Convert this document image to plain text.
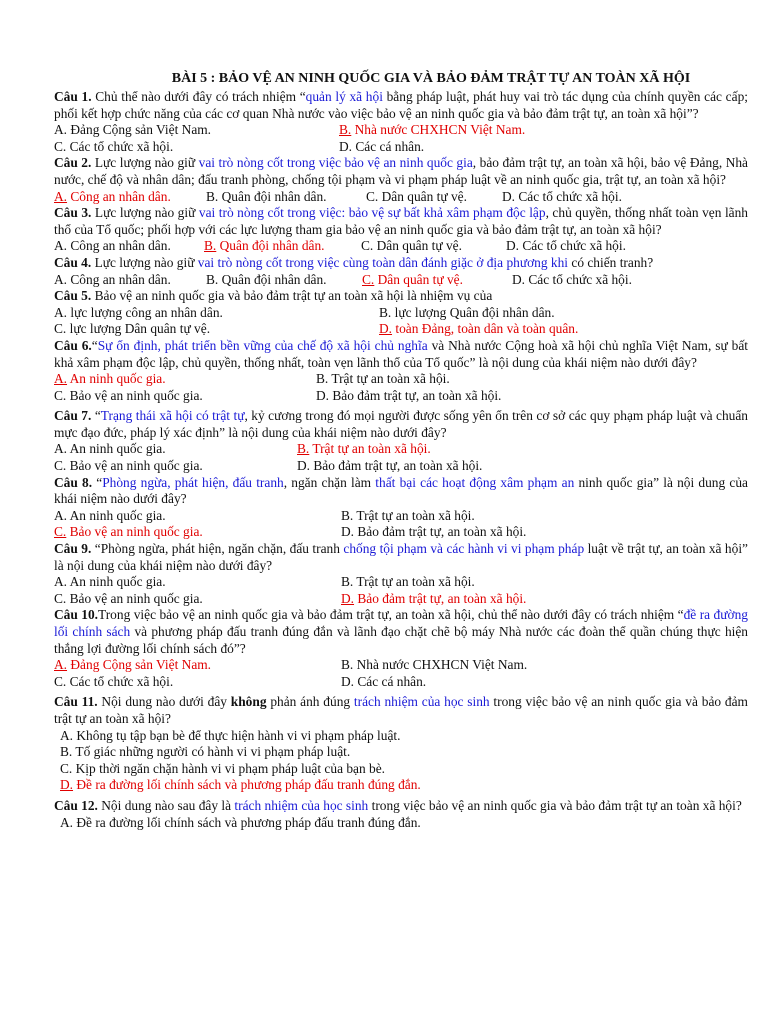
BÀI 5 : BẢO VỆ AN NINH QUỐC GIA VÀ BẢO ĐẢM TRẬT TỰ AN TOÀN XÃ HỘI

Câu 1. Chủ thể nào dưới đây có trách nhiệm “quản lý xã hội bằng pháp luật, phát huy vai trò tác dụng của chính quyền các cấp; phối kết hợp chức năng của các cơ quan Nhà nước vào việc bảo vệ an ninh quốc gia và bảo đảm trật tự, an toàn xã hội”?

A. Đảng Cộng sản Việt Nam.	B. Nhà nước CHXHCN Việt Nam.
C. Các tổ chức xã hội.	D. Các cá nhân.

Câu 2. Lực lượng nào giữ vai trò nòng cốt trong việc bảo vệ an ninh quốc gia, bảo đảm trật tự, an toàn xã hội, bảo vệ Đảng, Nhà nước, chế độ và nhân dân; đấu tranh phòng, chống tội phạm và vi phạm pháp luật về an ninh quốc gia, trật tự, an toàn xã hội?

A. Công an nhân dân.	B. Quân đội nhân dân.	C. Dân quân tự vệ.	D. Các tổ chức xã hội.

Câu 3. Lực lượng nào giữ vai trò nòng cốt trong việc: bảo vệ sự bất khả xâm phạm độc lập, chủ quyền, thống nhất toàn vẹn lãnh thổ của Tổ quốc; phối hợp với các lực lượng tham gia bảo vệ an ninh quốc gia và bảo đảm trật tự, an toàn xã hội?

A. Công an nhân dân.	B. Quân đội nhân dân.	C. Dân quân tự vệ.	D. Các tổ chức xã hội.

Câu 4. Lực lượng nào giữ vai trò nòng cốt trong việc cùng toàn dân đánh giặc ở địa phương khi có chiến tranh?

A. Công an nhân dân.	B. Quân đội nhân dân.	C. Dân quân tự vệ.	D. Các tổ chức xã hội.

Câu 5. Bảo vệ an ninh quốc gia và bảo đảm trật tự an toàn xã hội là nhiệm vụ của

A. lực lượng công an nhân dân.	B. lực lượng Quân đội nhân dân.
C. lực lượng Dân quân tự vệ.	D. toàn Đảng, toàn dân và toàn quân.

Câu 6.“Sự ổn định, phát triển bền vững của chế độ xã hội chủ nghĩa và Nhà nước Cộng hoà xã hội chủ nghĩa Việt Nam, sự bất khả xâm phạm độc lập, chủ quyền, thống nhất, toàn vẹn lãnh thổ của Tổ quốc” là nội dung của khái niệm nào dưới đây?

A. An ninh quốc gia.	B. Trật tự an toàn xã hội.
C. Bảo vệ an ninh quốc gia.	D. Bảo đảm trật tự, an toàn xã hội.

Câu 7. “Trạng thái xã hội có trật tự, kỷ cương trong đó mọi người được sống yên ổn trên cơ sở các quy phạm pháp luật và chuẩn mực đạo đức, pháp lý xác định” là nội dung của khái niệm nào dưới đây?

A. An ninh quốc gia.	B. Trật tự an toàn xã hội.
C. Bảo vệ an ninh quốc gia.	D. Bảo đảm trật tự, an toàn xã hội.

Câu 8. “Phòng ngừa, phát hiện, đấu tranh, ngăn chặn làm thất bại các hoạt động xâm phạm an ninh quốc gia” là nội dung của khái niệm nào dưới đây?

A. An ninh quốc gia.	B. Trật tự an toàn xã hội.
C. Bảo vệ an ninh quốc gia.	D. Bảo đảm trật tự, an toàn xã hội.

Câu 9. “Phòng ngừa, phát hiện, ngăn chặn, đấu tranh chống tội phạm và các hành vi vi phạm pháp luật về trật tự, an toàn xã hội” là nội dung của khái niệm nào dưới đây?

A. An ninh quốc gia.	B. Trật tự an toàn xã hội.
C. Bảo vệ an ninh quốc gia.	D. Bảo đảm trật tự, an toàn xã hội.

Câu 10.Trong việc bảo vệ an ninh quốc gia và bảo đảm trật tự, an toàn xã hội, chủ thể nào dưới đây có trách nhiệm “đề ra đường lối chính sách và phương pháp đấu tranh đúng đắn và lãnh đạo chặt chẽ bộ máy Nhà nước các đoàn thể quần chúng thực hiện thắng lợi đường lối chính sách đó”?

A. Đảng Cộng sản Việt Nam.	B. Nhà nước CHXHCN Việt Nam.
C. Các tổ chức xã hội.	D. Các cá nhân.

Câu 11. Nội dung nào dưới đây không phản ánh đúng trách nhiệm của học sinh trong việc bảo vệ an ninh quốc gia và bảo đảm trật tự an toàn xã hội?

A. Không tụ tập bạn bè để thực hiện hành vi vi phạm pháp luật.
B. Tố giác những người có hành vi vi phạm pháp luật.
C. Kịp thời ngăn chặn hành vi vi phạm pháp luật của bạn bè.
D. Đề ra đường lối chính sách và phương pháp đấu tranh đúng đắn.

Câu 12. Nội dung nào sau đây là trách nhiệm của học sinh trong việc bảo vệ an ninh quốc gia và bảo đảm trật tự an toàn xã hội?

A. Đề ra đường lối chính sách và phương pháp đấu tranh đúng đắn.
